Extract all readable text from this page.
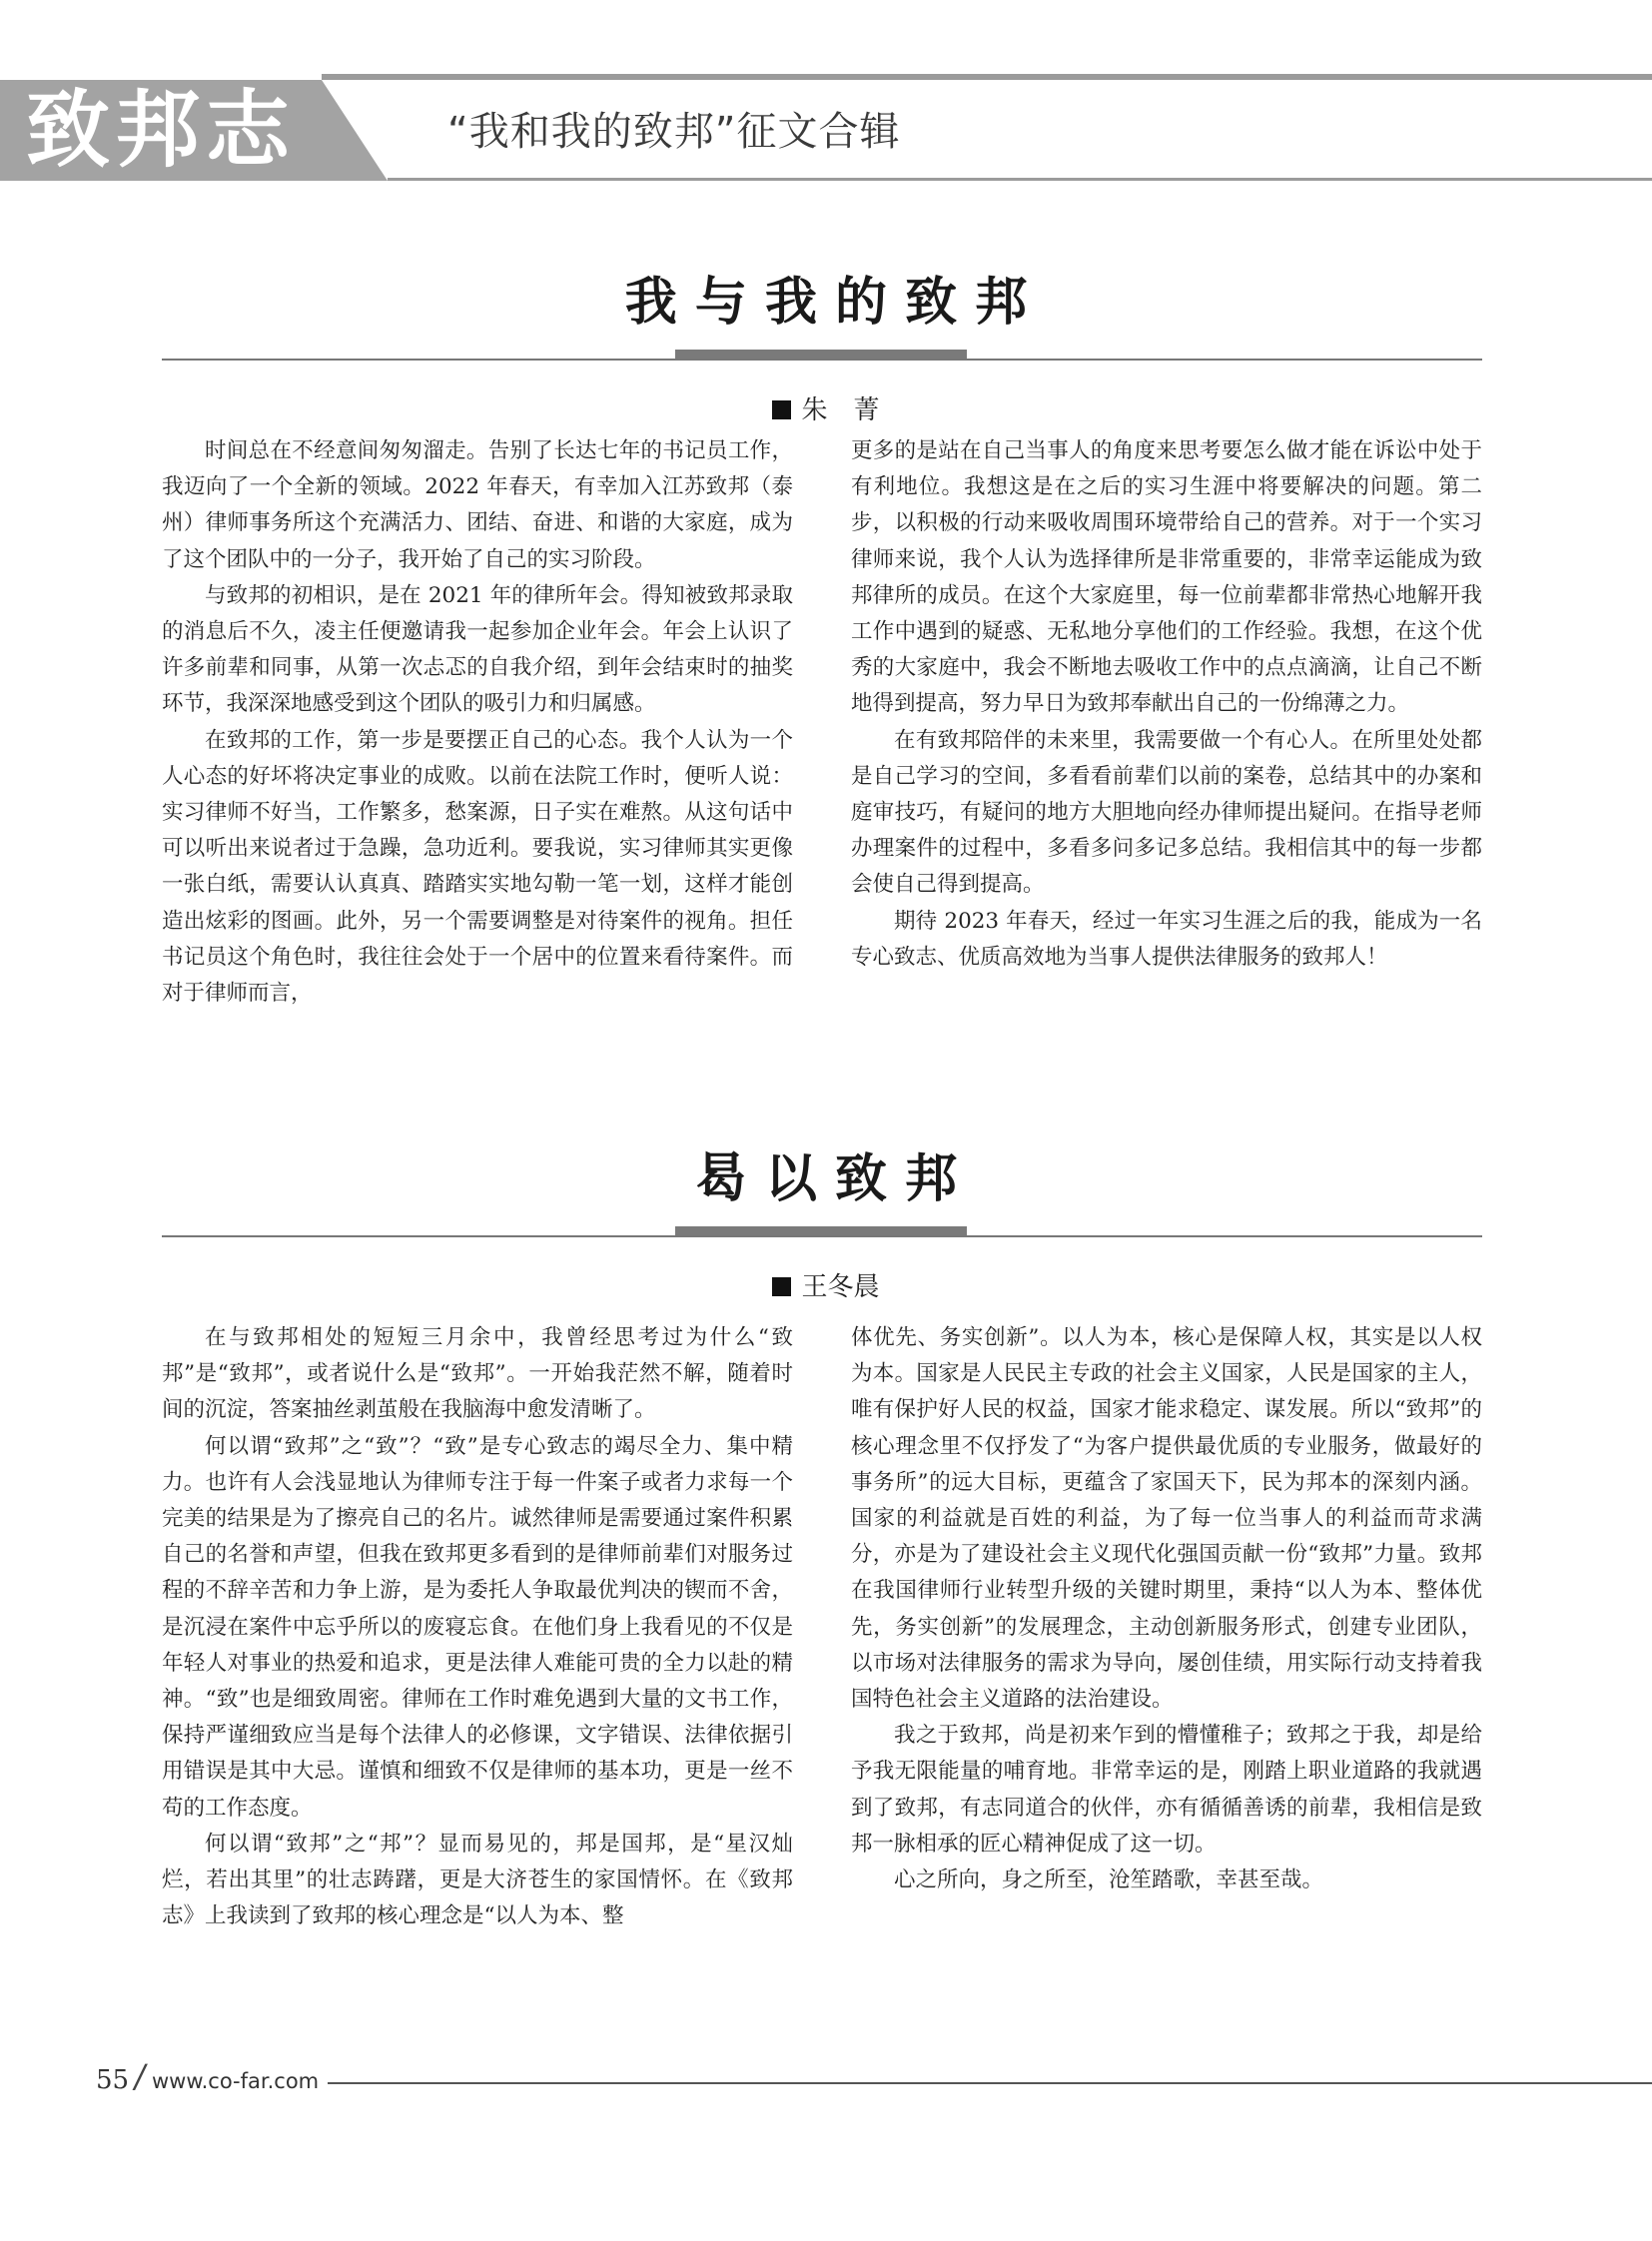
致邦志	“我和我的致邦”征文合辑
我 与 我 的 致 邦
朱　菁

时间总在不经意间匆匆溜走。告别了长达七年的书记员工作，我迈向了一个全新的领域。2022 年春天，有幸加入江苏致邦（泰州）律师事务所这个充满活力、团结、奋进、和谐的大家庭，成为了这个团队中的一分子，我开始了自己的实习阶段。

与致邦的初相识，是在 2021 年的律所年会。得知被致邦录取的消息后不久，凌主任便邀请我一起参加企业年会。年会上认识了许多前辈和同事，从第一次忐忑的自我介绍，到年会结束时的抽奖环节，我深深地感受到这个团队的吸引力和归属感。

在致邦的工作，第一步是要摆正自己的心态。我个人认为一个人心态的好坏将决定事业的成败。以前在法院工作时，便听人说：实习律师不好当，工作繁多，愁案源，日子实在难熬。从这句话中可以听出来说者过于急躁，急功近利。要我说，实习律师其实更像一张白纸，需要认认真真、踏踏实实地勾勒一笔一划，这样才能创造出炫彩的图画。此外，另一个需要调整是对待案件的视角。担任书记员这个角色时，我往往会处于一个居中的位置来看待案件。而对于律师而言，

更多的是站在自己当事人的角度来思考要怎么做才能在诉讼中处于有利地位。我想这是在之后的实习生涯中将要解决的问题。第二步，以积极的行动来吸收周围环境带给自己的营养。对于一个实习律师来说，我个人认为选择律所是非常重要的，非常幸运能成为致邦律所的成员。在这个大家庭里，每一位前辈都非常热心地解开我工作中遇到的疑惑、无私地分享他们的工作经验。我想，在这个优秀的大家庭中，我会不断地去吸收工作中的点点滴滴，让自己不断地得到提高，努力早日为致邦奉献出自己的一份绵薄之力。

在有致邦陪伴的未来里，我需要做一个有心人。在所里处处都是自己学习的空间，多看看前辈们以前的案卷，总结其中的办案和庭审技巧，有疑问的地方大胆地向经办律师提出疑问。在指导老师办理案件的过程中，多看多问多记多总结。我相信其中的每一步都会使自己得到提高。

期待 2023 年春天，经过一年实习生涯之后的我，能成为一名专心致志、优质高效地为当事人提供法律服务的致邦人！

曷 以 致 邦
王冬晨

在与致邦相处的短短三月余中，我曾经思考过为什么“致邦”是“致邦”，或者说什么是“致邦”。一开始我茫然不解，随着时间的沉淀，答案抽丝剥茧般在我脑海中愈发清晰了。

何以谓“致邦”之“致”？“致”是专心致志的竭尽全力、集中精力。也许有人会浅显地认为律师专注于每一件案子或者力求每一个完美的结果是为了擦亮自己的名片。诚然律师是需要通过案件积累自己的名誉和声望，但我在致邦更多看到的是律师前辈们对服务过程的不辞辛苦和力争上游，是为委托人争取最优判决的锲而不舍，是沉浸在案件中忘乎所以的废寝忘食。在他们身上我看见的不仅是年轻人对事业的热爱和追求，更是法律人难能可贵的全力以赴的精神。“致”也是细致周密。律师在工作时难免遇到大量的文书工作，保持严谨细致应当是每个法律人的必修课，文字错误、法律依据引用错误是其中大忌。谨慎和细致不仅是律师的基本功，更是一丝不苟的工作态度。

何以谓“致邦”之“邦”？显而易见的，邦是国邦，是“星汉灿烂，若出其里”的壮志踌躇，更是大济苍生的家国情怀。在《致邦志》上我读到了致邦的核心理念是“以人为本、整

体优先、务实创新”。以人为本，核心是保障人权，其实是以人权为本。国家是人民民主专政的社会主义国家，人民是国家的主人，唯有保护好人民的权益，国家才能求稳定、谋发展。所以“致邦”的核心理念里不仅抒发了“为客户提供最优质的专业服务，做最好的事务所”的远大目标，更蕴含了家国天下，民为邦本的深刻内涵。国家的利益就是百姓的利益，为了每一位当事人的利益而苛求满分，亦是为了建设社会主义现代化强国贡献一份“致邦”力量。致邦在我国律师行业转型升级的关键时期里，秉持“以人为本、整体优先，务实创新”的发展理念，主动创新服务形式，创建专业团队，以市场对法律服务的需求为导向，屡创佳绩，用实际行动支持着我国特色社会主义道路的法治建设。

我之于致邦，尚是初来乍到的懵懂稚子；致邦之于我，却是给予我无限能量的哺育地。非常幸运的是，刚踏上职业道路的我就遇到了致邦，有志同道合的伙伴，亦有循循善诱的前辈，我相信是致邦一脉相承的匠心精神促成了这一切。

心之所向，身之所至，沧笙踏歌，幸甚至哉。

55 / www.co-far.com
